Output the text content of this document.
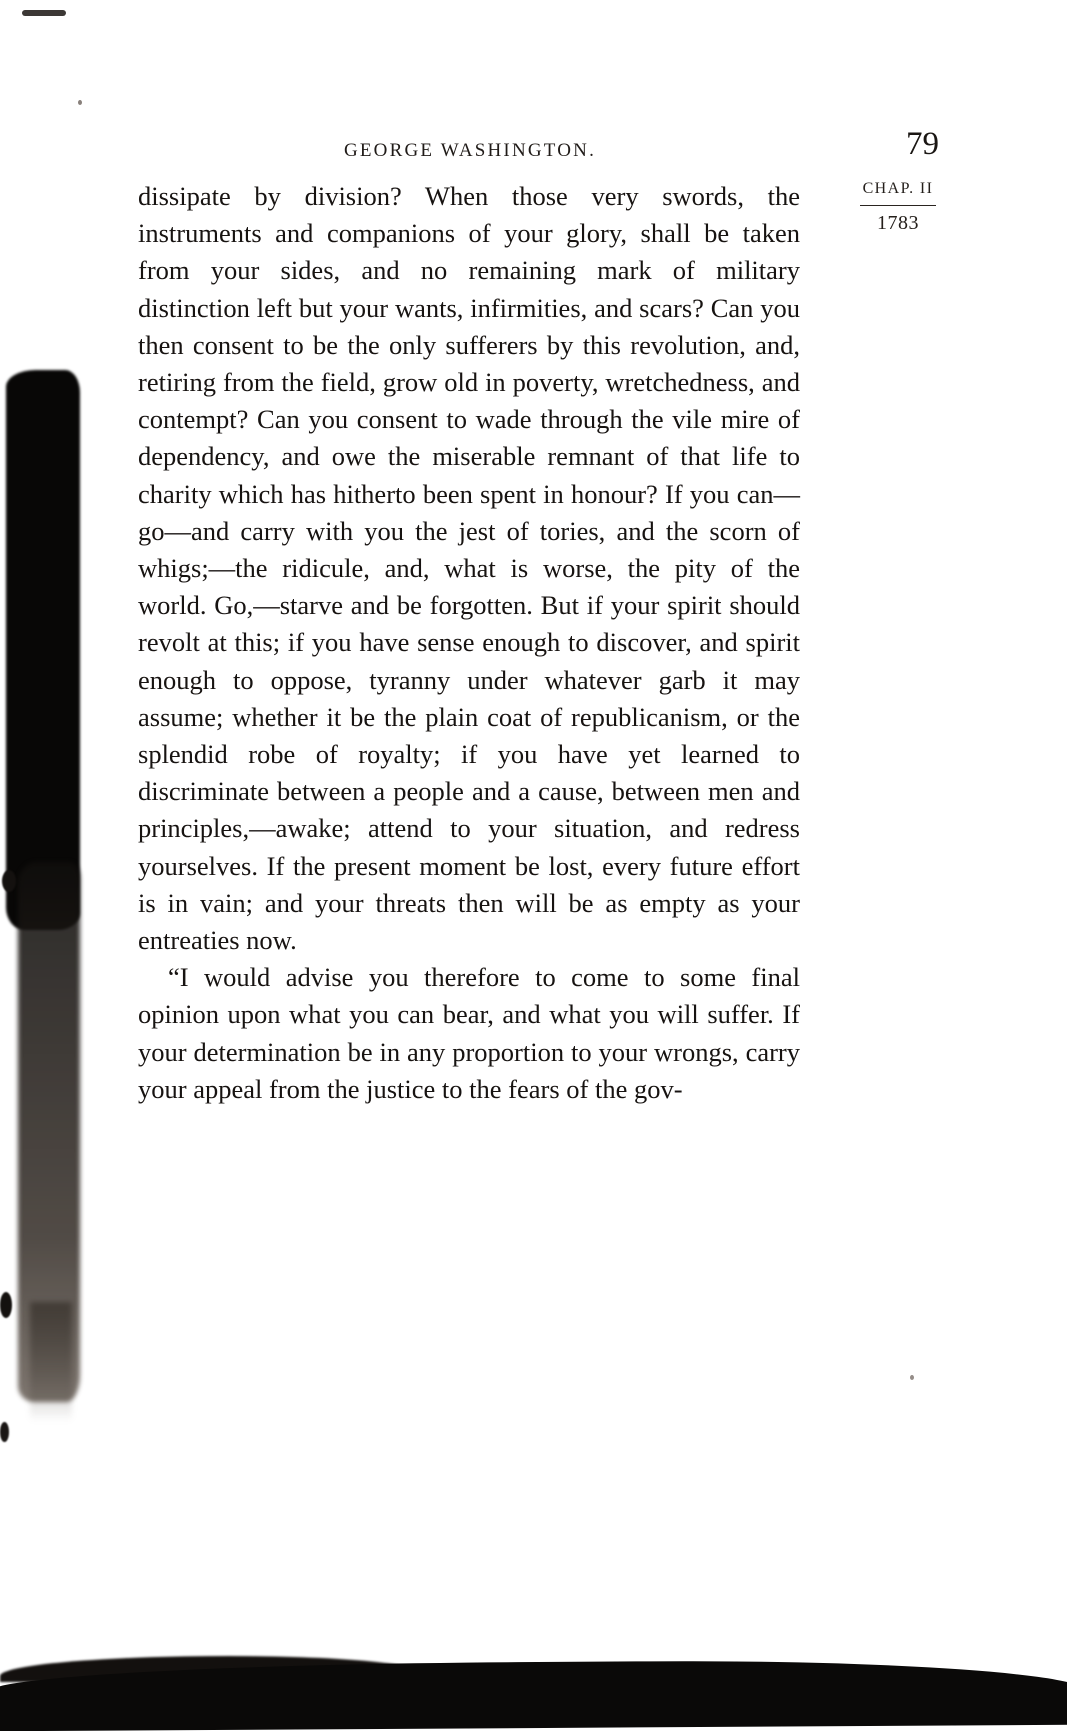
GEORGE WASHINGTON.	79
CHAP. II
1783

dissipate by division? When those very swords, the instruments and companions of your glory, shall be taken from your sides, and no remaining mark of military distinction left but your wants, infirmities, and scars? Can you then consent to be the only sufferers by this revolution, and, retiring from the field, grow old in poverty, wretchedness, and contempt? Can you consent to wade through the vile mire of dependency, and owe the miserable remnant of that life to charity which has hitherto been spent in honour? If you can—go—and carry with you the jest of tories, and the scorn of whigs;—the ridicule, and, what is worse, the pity of the world. Go,—starve and be forgotten. But if your spirit should revolt at this; if you have sense enough to discover, and spirit enough to oppose, tyranny under whatever garb it may assume; whether it be the plain coat of republicanism, or the splendid robe of royalty; if you have yet learned to discriminate between a people and a cause, between men and principles,—awake; attend to your situation, and redress yourselves. If the present moment be lost, every future effort is in vain; and your threats then will be as empty as your entreaties now.

“I would advise you therefore to come to some final opinion upon what you can bear, and what you will suffer. If your determination be in any proportion to your wrongs, carry your appeal from the justice to the fears of the gov-
